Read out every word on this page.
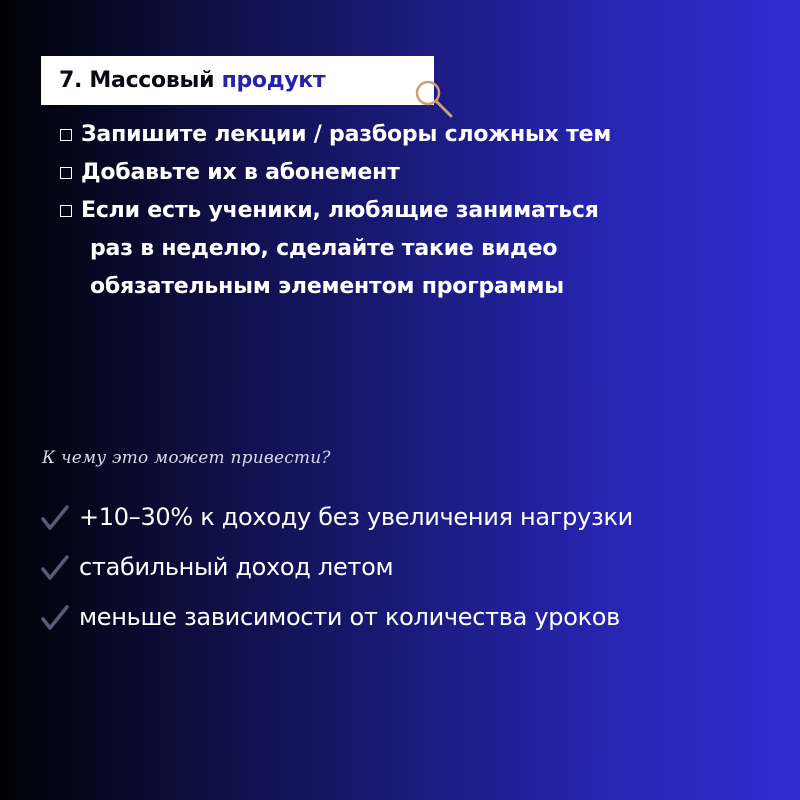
7. Массовый
продукт
Запишите лекции / разборы сложных тем
Добавьте их в абонемент
Если есть ученики, любящие заниматься
раз в неделю, сделайте такие видео
обязательным элементом программы
К чему это может привести?
+10–30% к доходу без увеличения нагрузки
стабильный доход летом
меньше зависимости от количества уроков
